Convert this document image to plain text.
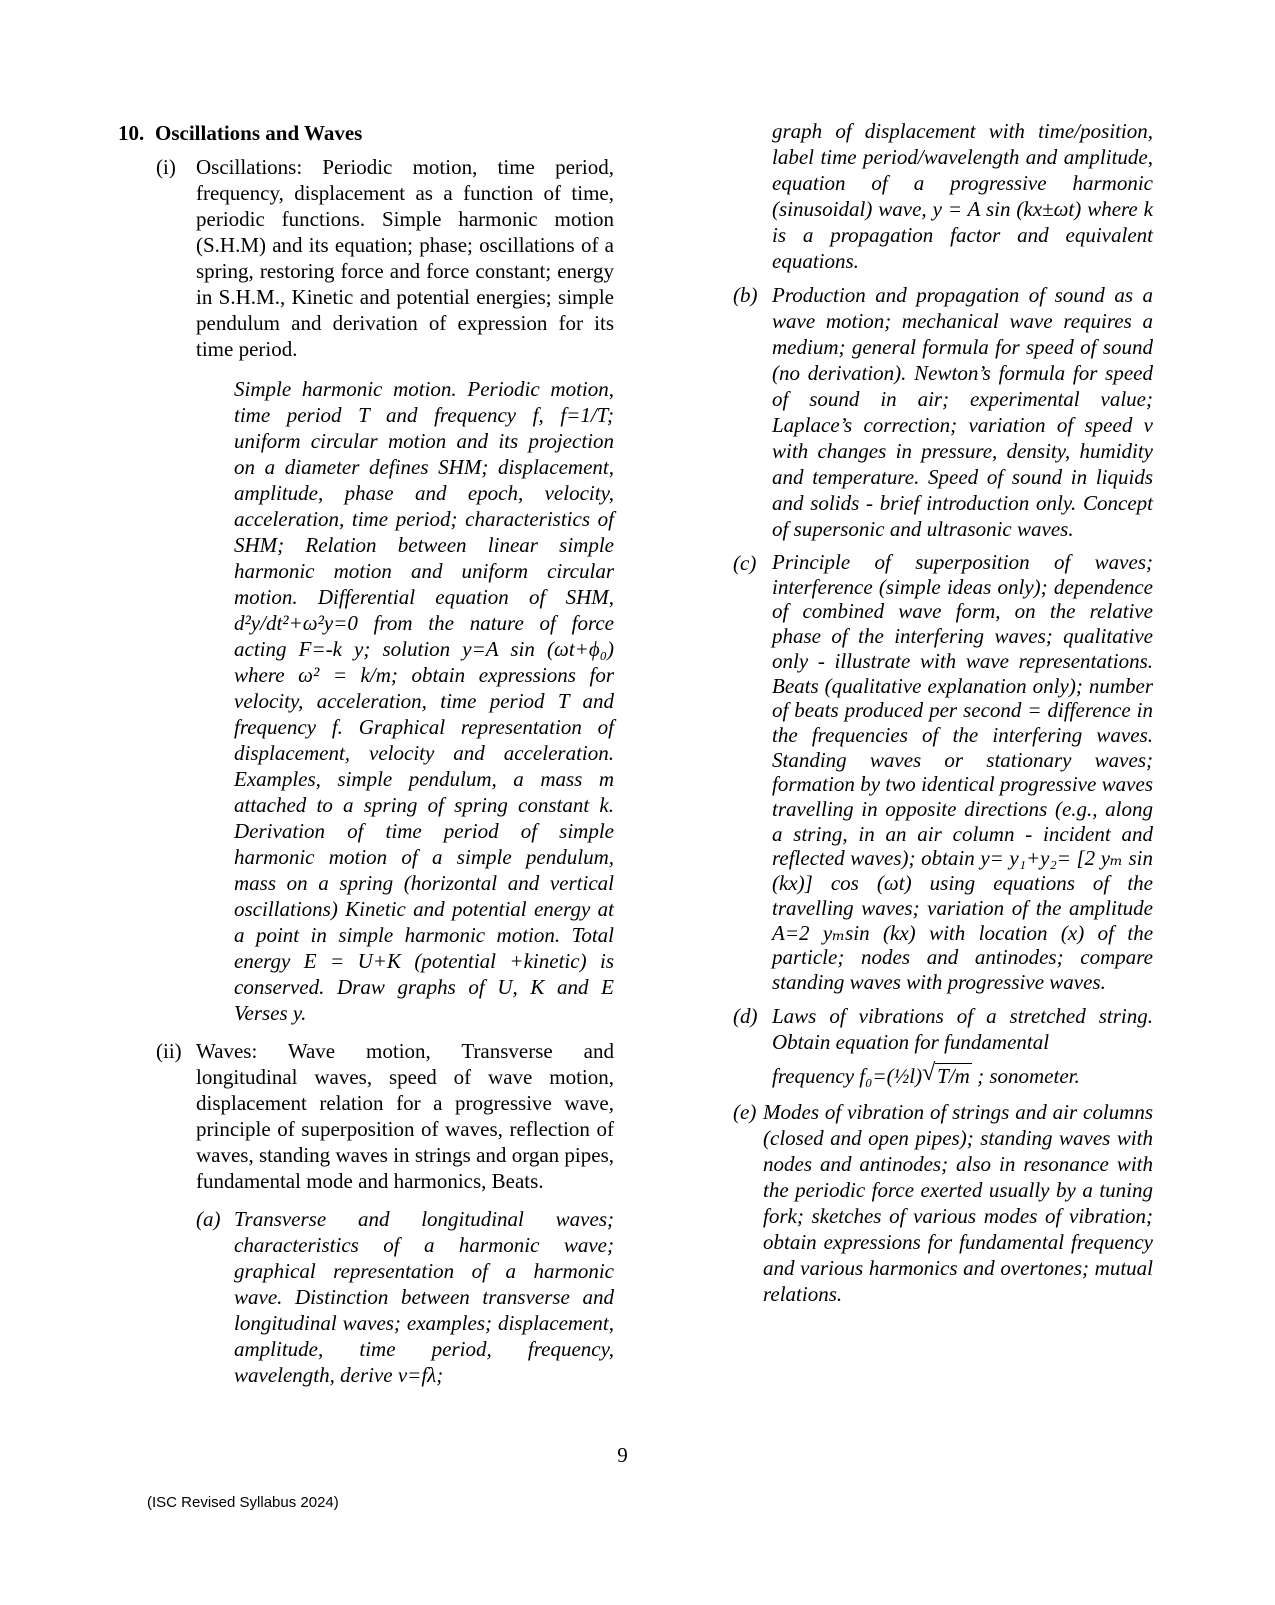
10. Oscillations and Waves
(i) Oscillations: Periodic motion, time period, frequency, displacement as a function of time, periodic functions. Simple harmonic motion (S.H.M) and its equation; phase; oscillations of a spring, restoring force and force constant; energy in S.H.M., Kinetic and potential energies; simple pendulum and derivation of expression for its time period.

Simple harmonic motion. Periodic motion, time period T and frequency f, f=1/T; uniform circular motion and its projection on a diameter defines SHM; displacement, amplitude, phase and epoch, velocity, acceleration, time period; characteristics of SHM; Relation between linear simple harmonic motion and uniform circular motion. Differential equation of SHM, d²y/dt²+ω²y=0 from the nature of force acting F=-k y; solution y=A sin (ωt+ϕ₀) where ω² = k/m; obtain expressions for velocity, acceleration, time period T and frequency f. Graphical representation of displacement, velocity and acceleration. Examples, simple pendulum, a mass m attached to a spring of spring constant k. Derivation of time period of simple harmonic motion of a simple pendulum, mass on a spring (horizontal and vertical oscillations) Kinetic and potential energy at a point in simple harmonic motion. Total energy E = U+K (potential +kinetic) is conserved. Draw graphs of U, K and E Verses y.

(ii) Waves: Wave motion, Transverse and longitudinal waves, speed of wave motion, displacement relation for a progressive wave, principle of superposition of waves, reflection of waves, standing waves in strings and organ pipes, fundamental mode and harmonics, Beats.

(a) Transverse and longitudinal waves; characteristics of a harmonic wave; graphical representation of a harmonic wave. Distinction between transverse and longitudinal waves; examples; displacement, amplitude, time period, frequency, wavelength, derive v=fλ;

graph of displacement with time/position, label time period/wavelength and amplitude, equation of a progressive harmonic (sinusoidal) wave, y = A sin (kx±ωt) where k is a propagation factor and equivalent equations.

(b) Production and propagation of sound as a wave motion; mechanical wave requires a medium; general formula for speed of sound (no derivation). Newton’s formula for speed of sound in air; experimental value; Laplace’s correction; variation of speed v with changes in pressure, density, humidity and temperature. Speed of sound in liquids and solids - brief introduction only. Concept of supersonic and ultrasonic waves.

(c) Principle of superposition of waves; interference (simple ideas only); dependence of combined wave form, on the relative phase of the interfering waves; qualitative only - illustrate with wave representations. Beats (qualitative explanation only); number of beats produced per second = difference in the frequencies of the interfering waves. Standing waves or stationary waves; formation by two identical progressive waves travelling in opposite directions (e.g., along a string, in an air column - incident and reflected waves); obtain y= y₁+y₂= [2 yₘ sin (kx)] cos (ωt) using equations of the travelling waves; variation of the amplitude A=2 yₘsin (kx) with location (x) of the particle; nodes and antinodes; compare standing waves with progressive waves.

(d) Laws of vibrations of a stretched string. Obtain equation for fundamental

frequency f₀=(½l) √ T/m ; sonometer.

(e) Modes of vibration of strings and air columns (closed and open pipes); standing waves with nodes and antinodes; also in resonance with the periodic force exerted usually by a tuning fork; sketches of various modes of vibration; obtain expressions for fundamental frequency and various harmonics and overtones; mutual relations.

9
(ISC Revised Syllabus 2024)
